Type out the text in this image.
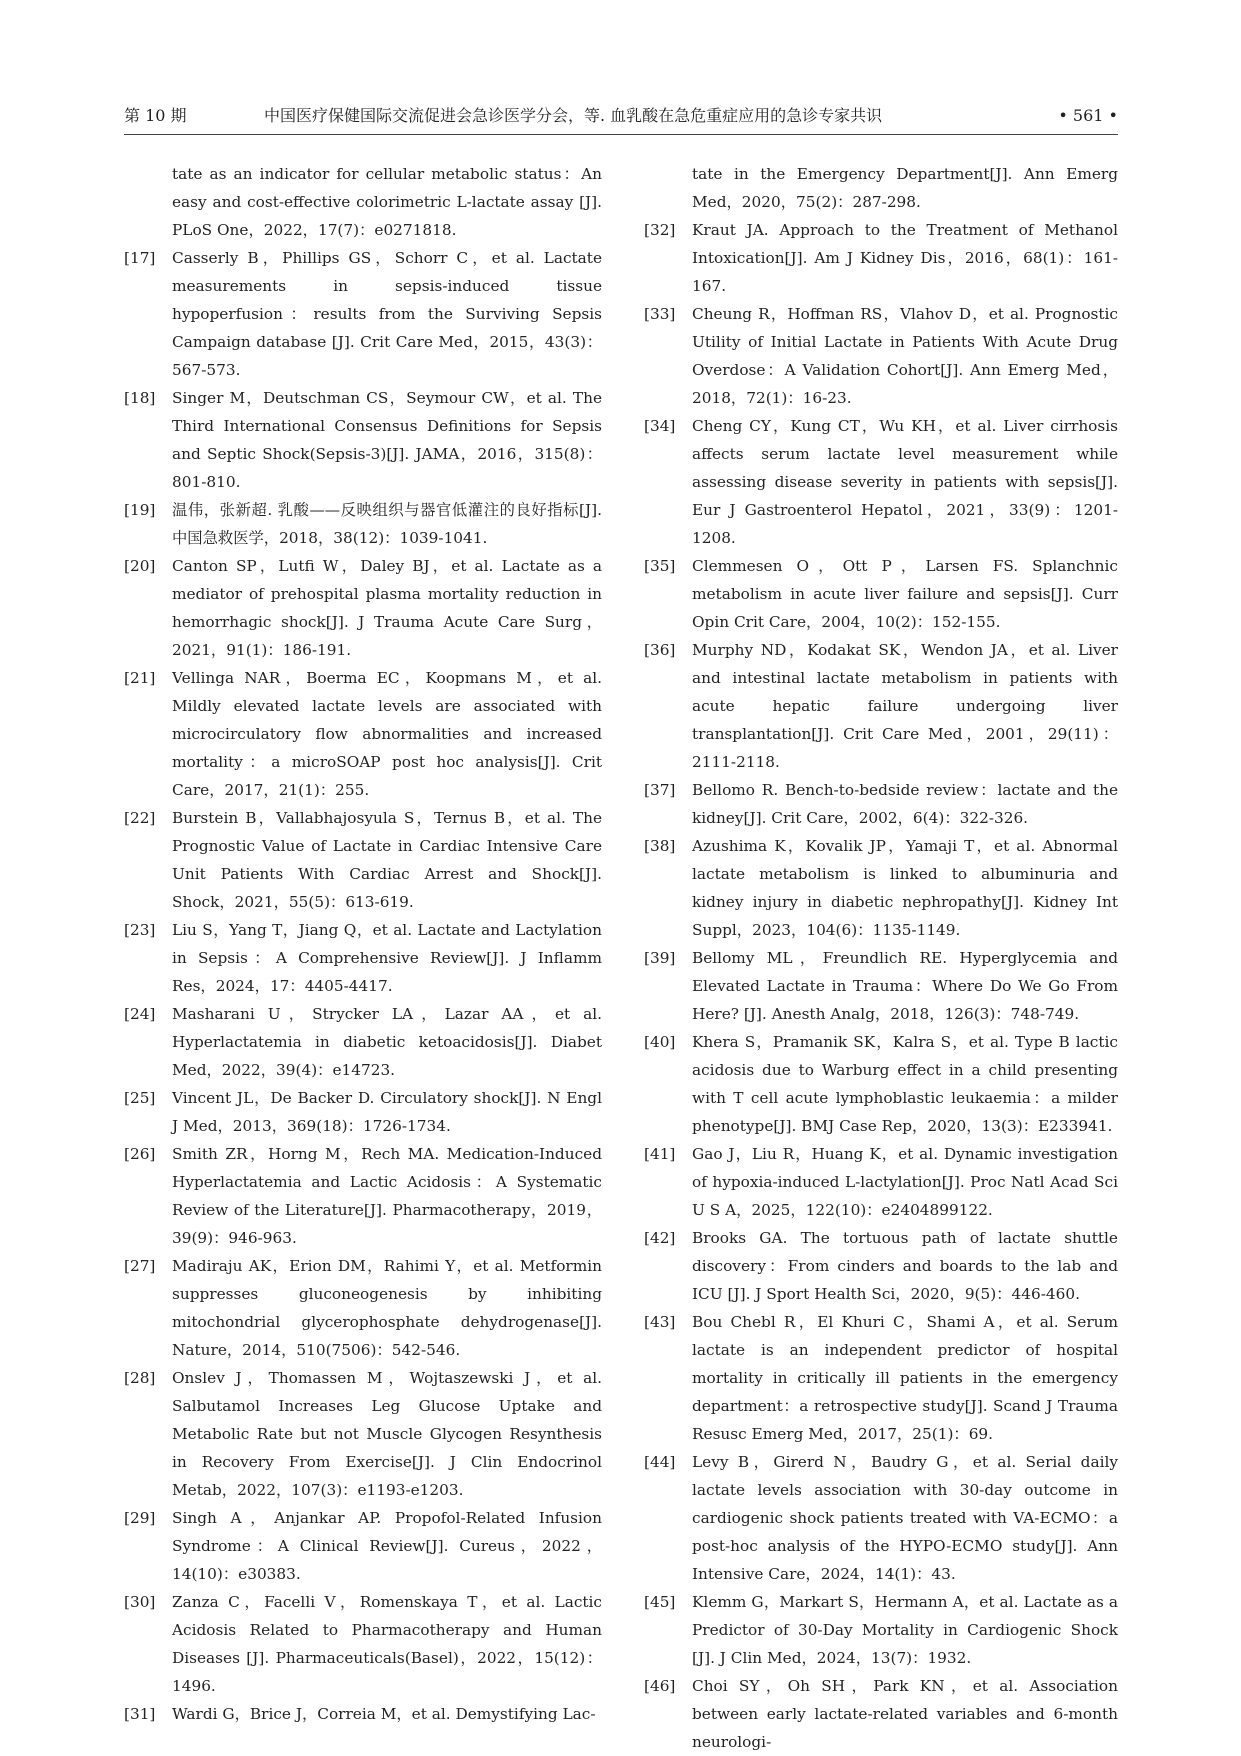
第 10 期	中国医疗保健国际交流促进会急诊医学分会，等. 血乳酸在急危重症应用的急诊专家共识	• 561 •

tate as an indicator for cellular metabolic status：An easy and cost-effective colorimetric L-lactate assay [J]. PLoS One，2022，17(7)：e0271818.

[17] Casserly B，Phillips GS，Schorr C，et al. Lactate measurements in sepsis-induced tissue hypoperfusion：results from the Surviving Sepsis Campaign database [J]. Crit Care Med，2015，43(3)：567-573.

[18] Singer M，Deutschman CS，Seymour CW，et al. The Third International Consensus Definitions for Sepsis and Septic Shock(Sepsis-3)[J]. JAMA，2016，315(8)：801-810.

[19] 温伟，张新超. 乳酸——反映组织与器官低灌注的良好指标[J]. 中国急救医学，2018，38(12)：1039-1041.

[20] Canton SP，Lutfi W，Daley BJ，et al. Lactate as a mediator of prehospital plasma mortality reduction in hemorrhagic shock[J]. J Trauma Acute Care Surg，2021，91(1)：186-191.

[21] Vellinga NAR，Boerma EC，Koopmans M，et al. Mildly elevated lactate levels are associated with microcirculatory flow abnormalities and increased mortality：a microSOAP post hoc analysis[J]. Crit Care，2017，21(1)：255.

[22] Burstein B，Vallabhajosyula S，Ternus B，et al. The Prognostic Value of Lactate in Cardiac Intensive Care Unit Patients With Cardiac Arrest and Shock[J]. Shock，2021，55(5)：613-619.

[23] Liu S，Yang T，Jiang Q，et al. Lactate and Lactylation in Sepsis：A Comprehensive Review[J]. J Inflamm Res，2024，17：4405-4417.

[24] Masharani U，Strycker LA，Lazar AA，et al. Hyperlactatemia in diabetic ketoacidosis[J]. Diabet Med，2022，39(4)：e14723.

[25] Vincent JL，De Backer D. Circulatory shock[J]. N Engl J Med，2013，369(18)：1726-1734.

[26] Smith ZR，Horng M，Rech MA. Medication-Induced Hyperlactatemia and Lactic Acidosis：A Systematic Review of the Literature[J]. Pharmacotherapy，2019，39(9)：946-963.

[27] Madiraju AK，Erion DM，Rahimi Y，et al. Metformin suppresses gluconeogenesis by inhibiting mitochondrial glycerophosphate dehydrogenase[J]. Nature，2014，510(7506)：542-546.

[28] Onslev J，Thomassen M，Wojtaszewski J，et al. Salbutamol Increases Leg Glucose Uptake and Metabolic Rate but not Muscle Glycogen Resynthesis in Recovery From Exercise[J]. J Clin Endocrinol Metab，2022，107(3)：e1193-e1203.

[29] Singh A，Anjankar AP. Propofol-Related Infusion Syndrome：A Clinical Review[J]. Cureus，2022，14(10)：e30383.

[30] Zanza C，Facelli V，Romenskaya T，et al. Lactic Acidosis Related to Pharmacotherapy and Human Diseases [J]. Pharmaceuticals(Basel)，2022，15(12)：1496.

[31] Wardi G，Brice J，Correia M，et al. Demystifying Lac-

tate in the Emergency Department[J]. Ann Emerg Med，2020，75(2)：287-298.

[32] Kraut JA. Approach to the Treatment of Methanol Intoxication[J]. Am J Kidney Dis，2016，68(1)：161-167.

[33] Cheung R，Hoffman RS，Vlahov D，et al. Prognostic Utility of Initial Lactate in Patients With Acute Drug Overdose：A Validation Cohort[J]. Ann Emerg Med，2018，72(1)：16-23.

[34] Cheng CY，Kung CT，Wu KH，et al. Liver cirrhosis affects serum lactate level measurement while assessing disease severity in patients with sepsis[J]. Eur J Gastroenterol Hepatol，2021，33(9)：1201-1208.

[35] Clemmesen O，Ott P，Larsen FS. Splanchnic metabolism in acute liver failure and sepsis[J]. Curr Opin Crit Care，2004，10(2)：152-155.

[36] Murphy ND，Kodakat SK，Wendon JA，et al. Liver and intestinal lactate metabolism in patients with acute hepatic failure undergoing liver transplantation[J]. Crit Care Med，2001，29(11)：2111-2118.

[37] Bellomo R. Bench-to-bedside review：lactate and the kidney[J]. Crit Care，2002，6(4)：322-326.

[38] Azushima K，Kovalik JP，Yamaji T，et al. Abnormal lactate metabolism is linked to albuminuria and kidney injury in diabetic nephropathy[J]. Kidney Int Suppl，2023，104(6)：1135-1149.

[39] Bellomy ML，Freundlich RE. Hyperglycemia and Elevated Lactate in Trauma：Where Do We Go From Here? [J]. Anesth Analg，2018，126(3)：748-749.

[40] Khera S，Pramanik SK，Kalra S，et al. Type B lactic acidosis due to Warburg effect in a child presenting with T cell acute lymphoblastic leukaemia：a milder phenotype[J]. BMJ Case Rep，2020，13(3)：E233941.

[41] Gao J，Liu R，Huang K，et al. Dynamic investigation of hypoxia-induced L-lactylation[J]. Proc Natl Acad Sci U S A，2025，122(10)：e2404899122.

[42] Brooks GA. The tortuous path of lactate shuttle discovery：From cinders and boards to the lab and ICU [J]. J Sport Health Sci，2020，9(5)：446-460.

[43] Bou Chebl R，El Khuri C，Shami A，et al. Serum lactate is an independent predictor of hospital mortality in critically ill patients in the emergency department：a retrospective study[J]. Scand J Trauma Resusc Emerg Med，2017，25(1)：69.

[44] Levy B，Girerd N，Baudry G，et al. Serial daily lactate levels association with 30-day outcome in cardiogenic shock patients treated with VA-ECMO：a post-hoc analysis of the HYPO-ECMO study[J]. Ann Intensive Care，2024，14(1)：43.

[45] Klemm G，Markart S，Hermann A，et al. Lactate as a Predictor of 30-Day Mortality in Cardiogenic Shock [J]. J Clin Med，2024，13(7)：1932.

[46] Choi SY，Oh SH，Park KN，et al. Association between early lactate-related variables and 6-month neurologi-
